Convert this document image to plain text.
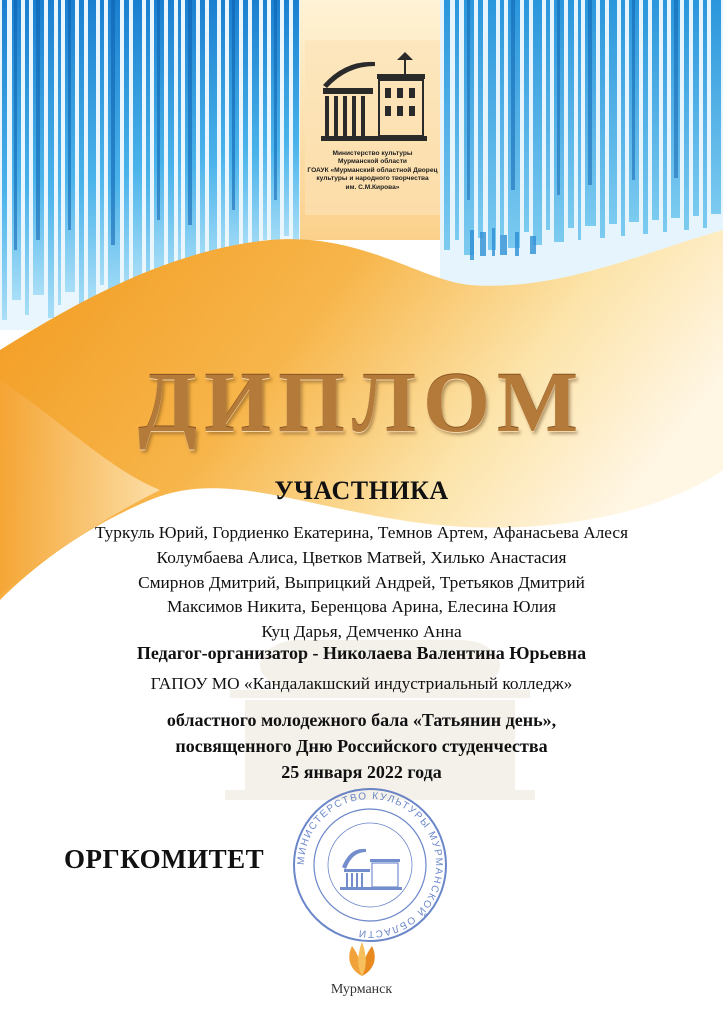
Министерство культуры
Мурманской области
ГОАУК «Мурманский областной Дворец
культуры и народного творчества
им. С.М.Кирова»
ДИПЛОМ
УЧАСТНИКА
Туркуль Юрий, Гордиенко Екатерина, Темнов Артем, Афанасьева Алеся
Колумбаева Алиса, Цветков Матвей, Хилько Анастасия
Смирнов Дмитрий, Выприцкий Андрей, Третьяков Дмитрий
Максимов Никита, Беренцова Арина, Елесина Юлия
Куц Дарья, Демченко Анна
Педагог-организатор - Николаева Валентина Юрьевна
ГАПОУ МО «Кандалакшский индустриальный колледж»
областного молодежного бала «Татьянин день»,
посвященного Дню Российского студенчества
25 января 2022 года
ОРГКОМИТЕТ	МИНИСТЕРСТВО КУЛЬТУРЫ МУРМАНСКОЙ ОБЛАСТИ
Мурманск
